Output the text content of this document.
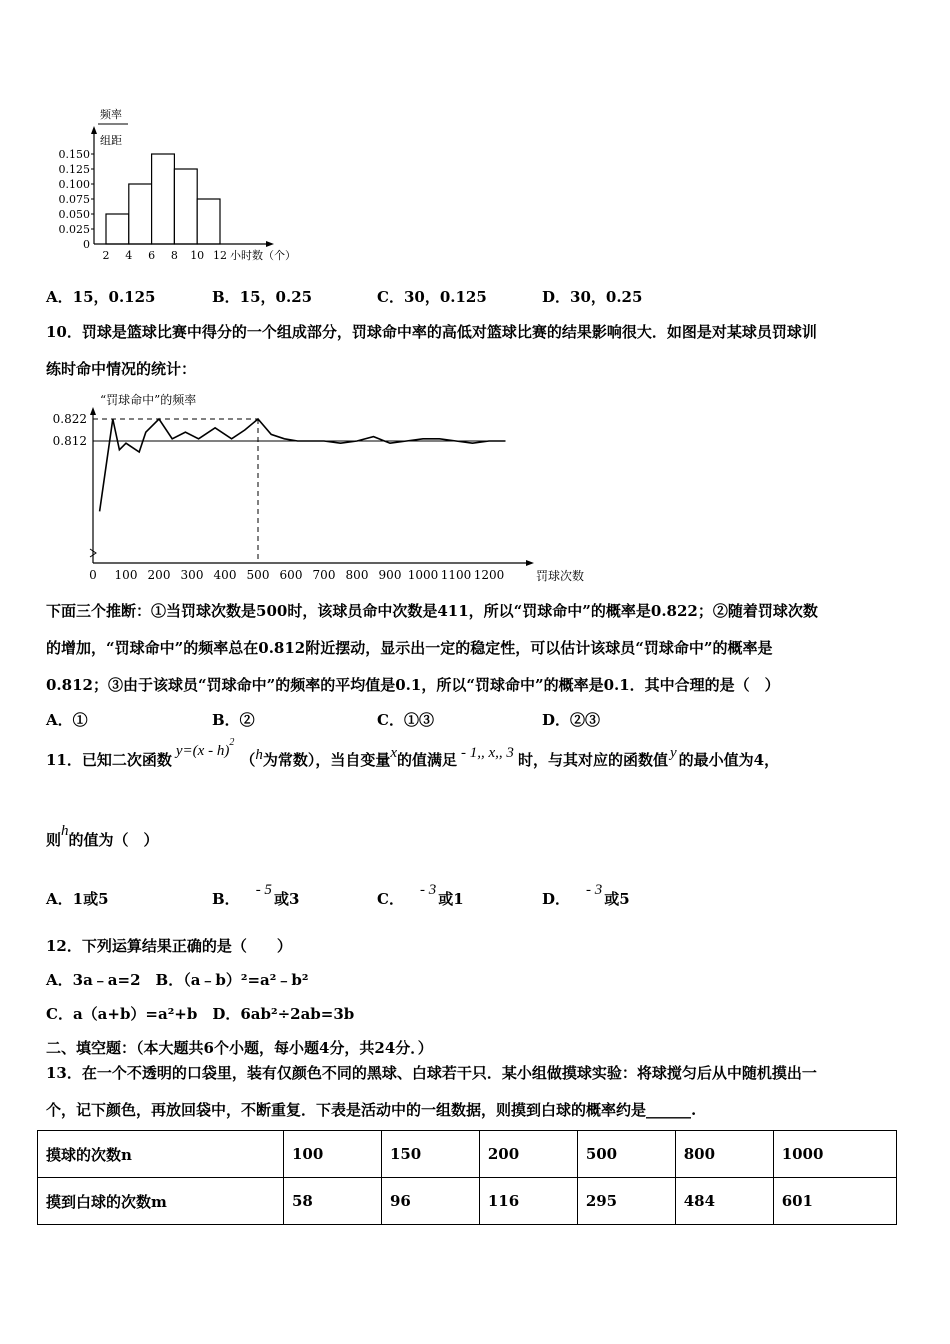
频率
组距
0.150
0.125
0.100
0.075
0.050
0.025
0
2 4 6 8 10 12 小时数（个）
A．15，0.125	B．15，0.25	C．30，0.125	D．30，0.25
10．罚球是篮球比赛中得分的一个组成部分，罚球命中率的高低对篮球比赛的结果影响很大．如图是对某球员罚球训
练时命中情况的统计：
“罚球命中”的频率
0 100 200 300 400 500 600 700 800 900 1000 1100 1200
0.822
0.812
罚球次数
下面三个推断：①当罚球次数是500时，该球员命中次数是411，所以“罚球命中”的概率是0.822；②随着罚球次数
的增加，“罚球命中”的频率总在0.812附近摆动，显示出一定的稳定性，可以估计该球员“罚球命中”的概率是
0.812；③由于该球员“罚球命中”的频率的平均值是0.1，所以“罚球命中”的概率是0.1．其中合理的是（　）
A．①	B．②	C．①③	D．②③
11．已知二次函数 y=(x - h)$^2$（h为常数），当自变量x的值满足 - 1,, x,, 3 时，与其对应的函数值 y 的最小值为4，
则h的值为（　）
A．1或5	B． - 5 或3	C． - 3 或1	D． - 3 或5
12．下列运算结果正确的是（　　）
A．3a﹣a=2　B．（a﹣b）²=a²﹣b²
C．a（a+b）=a²+b　D．6ab²÷2ab=3b
二、填空题：（本大题共6个小题，每小题4分，共24分．）
13．在一个不透明的口袋里，装有仅颜色不同的黑球、白球若干只．某小组做摸球实验：将球搅匀后从中随机摸出一
个，记下颜色，再放回袋中，不断重复．下表是活动中的一组数据，则摸到白球的概率约是______.
摸球的次数n	100	150	200	500	800	1000
摸到白球的次数m	58	96	116	295	484	601
